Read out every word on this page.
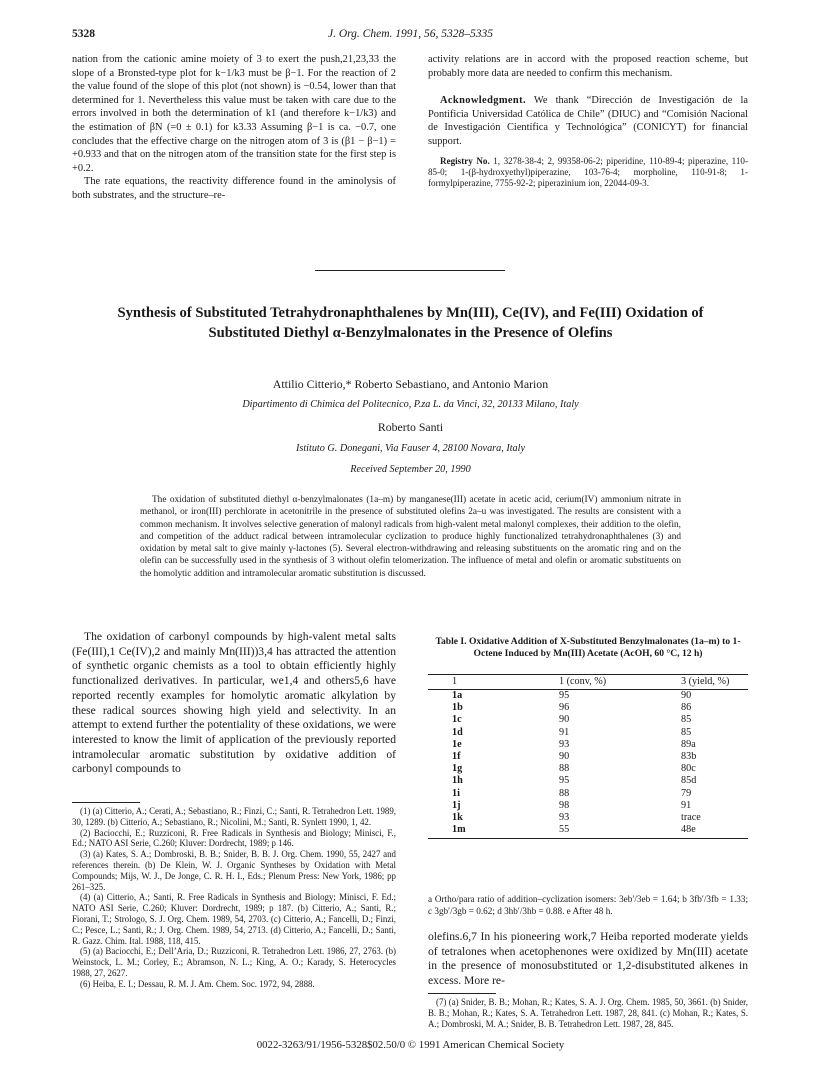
5328	J. Org. Chem. 1991, 56, 5328–5335

nation from the cationic amine moiety of 3 to exert the push,21,23,33 the slope of a Bronsted-type plot for k−1/k3 must be β−1. For the reaction of 2 the value found of the slope of this plot (not shown) is −0.54, lower than that determined for 1. Nevertheless this value must be taken with care due to the errors involved in both the determination of k1 (and therefore k−1/k3) and the estimation of βN (=0 ± 0.1) for k3.33 Assuming β−1 is ca. −0.7, one concludes that the effective charge on the nitrogen atom of 3 is (β1 − β−1) = +0.933 and that on the nitrogen atom of the transition state for the first step is +0.2.

The rate equations, the reactivity difference found in the aminolysis of both substrates, and the structure–re-

activity relations are in accord with the proposed reaction scheme, but probably more data are needed to confirm this mechanism.

Acknowledgment. We thank “Dirección de Investigación de la Pontificia Universidad Católica de Chile” (DIUC) and “Comisión Nacional de Investigación Científica y Technológica” (CONICYT) for financial support.

Registry No. 1, 3278-38-4; 2, 99358-06-2; piperidine, 110-89-4; piperazine, 110-85-0; 1-(β-hydroxyethyl)piperazine, 103-76-4; morpholine, 110-91-8; 1-formylpiperazine, 7755-92-2; piperazinium ion, 22044-09-3.

Synthesis of Substituted Tetrahydronaphthalenes by Mn(III), Ce(IV), and Fe(III) Oxidation of Substituted Diethyl α-Benzylmalonates in the Presence of Olefins
Attilio Citterio,* Roberto Sebastiano, and Antonio Marion
Dipartimento di Chimica del Politecnico, P.za L. da Vinci, 32, 20133 Milano, Italy
Roberto Santi
Istituto G. Donegani, Via Fauser 4, 28100 Novara, Italy
Received September 20, 1990
The oxidation of substituted diethyl α-benzylmalonates (1a–m) by manganese(III) acetate in acetic acid, cerium(IV) ammonium nitrate in methanol, or iron(III) perchlorate in acetonitrile in the presence of substituted olefins 2a–u was investigated. The results are consistent with a common mechanism. It involves selective generation of malonyl radicals from high-valent metal malonyl complexes, their addition to the olefin, and competition of the adduct radical between intramolecular cyclization to produce highly functionalized tetrahydronaphthalenes (3) and oxidation by metal salt to give mainly γ-lactones (5). Several electron-withdrawing and releasing substituents on the aromatic ring and on the olefin can be successfully used in the synthesis of 3 without olefin telomerization. The influence of metal and olefin or aromatic substituents on the homolytic addition and intramolecular aromatic substitution is discussed.

The oxidation of carbonyl compounds by high-valent metal salts (Fe(III),1 Ce(IV),2 and mainly Mn(III))3,4 has attracted the attention of synthetic organic chemists as a tool to obtain efficiently highly functionalized derivatives. In particular, we1,4 and others5,6 have reported recently examples for homolytic aromatic alkylation by these radical sources showing high yield and selectivity. In an attempt to extend further the potentiality of these oxidations, we were interested to know the limit of application of the previously reported intramolecular aromatic substitution by oxidative addition of carbonyl compounds to

(1) (a) Citterio, A.; Cerati, A.; Sebastiano, R.; Finzi, C.; Santi, R. Tetrahedron Lett. 1989, 30, 1289. (b) Citterio, A.; Sebastiano, R.; Nicolini, M.; Santi, R. Synlett 1990, 1, 42.

(2) Baciocchi, E.; Ruzziconi, R. Free Radicals in Synthesis and Biology; Minisci, F., Ed.; NATO ASI Serie, C.260; Kluver: Dordrecht, 1989; p 146.

(3) (a) Kates, S. A.; Dombroski, B. B.; Snider, B. B. J. Org. Chem. 1990, 55, 2427 and references therein. (b) De Klein, W. J. Organic Syntheses by Oxidation with Metal Compounds; Mijs, W. J., De Jonge, C. R. H. I., Eds.; Plenum Press: New York, 1986; pp 261–325.

(4) (a) Citterio, A.; Santi, R. Free Radicals in Synthesis and Biology; Minisci, F. Ed.; NATO ASI Serie, C.260; Kluver: Dordrecht, 1989; p 187. (b) Citterio, A.; Santi, R.; Fiorani, T.; Strologo, S. J. Org. Chem. 1989, 54, 2703. (c) Citterio, A.; Fancelli, D.; Finzi, C.; Pesce, L.; Santi, R.; J. Org. Chem. 1989, 54, 2713. (d) Citterio, A.; Fancelli, D.; Santi, R. Gazz. Chim. Ital. 1988, 118, 415.

(5) (a) Baciocchi, E.; Dell’Aria, D.; Ruzziconi, R. Tetrahedron Lett. 1986, 27, 2763. (b) Weinstock, L. M.; Corley, E.; Abramson, N. L.; King, A. O.; Karady, S. Heterocycles 1988, 27, 2627.

(6) Heiba, E. I.; Dessau, R. M. J. Am. Chem. Soc. 1972, 94, 2888.

Table I. Oxidative Addition of X-Substituted Benzylmalonates (1a–m) to 1-Octene Induced by Mn(III) Acetate (AcOH, 60 °C, 12 h)
1	1 (conv, %)	3 (yield, %)
1a	95	90
1b	96	86
1c	90	85
1d	91	85
1e	93	89a
1f	90	83b
1g	88	80c
1h	95	85d
1i	88	79
1j	98	91
1k	93	trace
1m	55	48e
a Ortho/para ratio of addition–cyclization isomers: 3eb′/3eb = 1.64; b 3fb′/3fb = 1.33; c 3gb′/3gb = 0.62; d 3hb′/3hb = 0.88. e After 48 h.

olefins.6,7 In his pioneering work,7 Heiba reported moderate yields of tetralones when acetophenones were oxidized by Mn(III) acetate in the presence of monosubstituted or 1,2-disubstituted alkenes in excess. More re-

(7) (a) Snider, B. B.; Mohan, R.; Kates, S. A. J. Org. Chem. 1985, 50, 3661. (b) Snider, B. B.; Mohan, R.; Kates, S. A. Tetrahedron Lett. 1987, 28, 841. (c) Mohan, R.; Kates, S. A.; Dombroski, M. A.; Snider, B. B. Tetrahedron Lett. 1987, 28, 845.

0022-3263/91/1956-5328$02.50/0 © 1991 American Chemical Society
